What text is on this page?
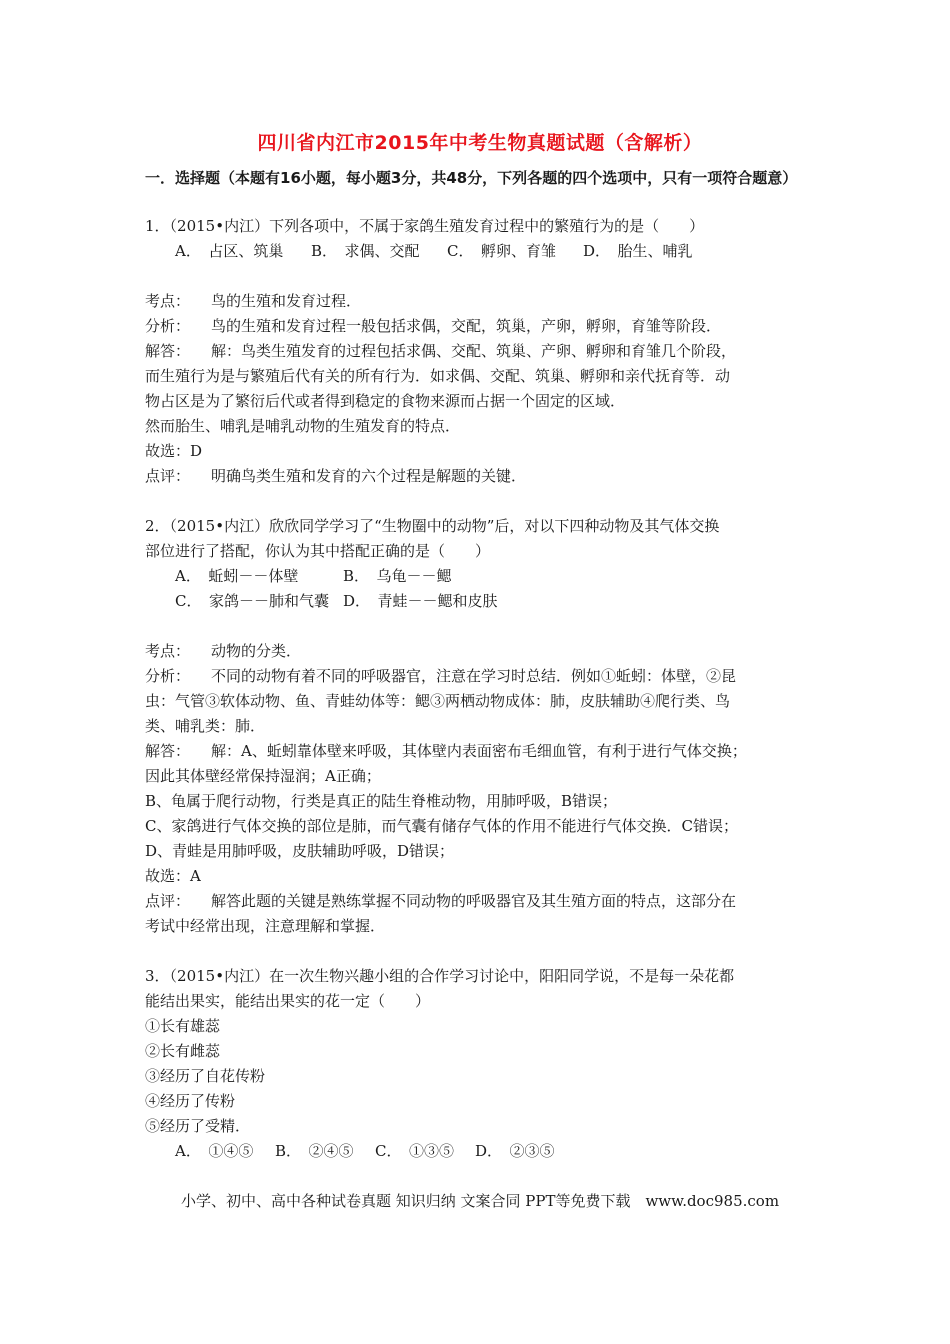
四川省内江市2015年中考生物真题试题（含解析）
一．选择题（本题有16小题，每小题3分，共48分，下列各题的四个选项中，只有一项符合题意）
1．（2015•内江）下列各项中，不属于家鸽生殖发育过程中的繁殖行为的是（　　）
A．　占区、筑巢 B．　求偶、交配 C．　孵卵、育雏 D．　胎生、哺乳
考点： 鸟的生殖和发育过程．
分析： 鸟的生殖和发育过程一般包括求偶，交配，筑巢，产卵，孵卵，育雏等阶段．
解答： 解：鸟类生殖发育的过程包括求偶、交配、筑巢、产卵、孵卵和育雏几个阶段，
而生殖行为是与繁殖后代有关的所有行为．如求偶、交配、筑巢、孵卵和亲代抚育等．动
物占区是为了繁衍后代或者得到稳定的食物来源而占据一个固定的区域．
然而胎生、哺乳是哺乳动物的生殖发育的特点．
故选：D
点评： 明确鸟类生殖和发育的六个过程是解题的关键．
2．（2015•内江）欣欣同学学习了“生物圈中的动物”后，对以下四种动物及其气体交换
部位进行了搭配，你认为其中搭配正确的是（　　）
A．　蚯蚓－－体壁	B．　乌龟－－鳃
C．　家鸽－－肺和气囊 D．　青蛙－－鳃和皮肤
考点： 动物的分类．
分析： 不同的动物有着不同的呼吸器官，注意在学习时总结．例如①蚯蚓：体壁，②昆
虫：气管③软体动物、鱼、青蛙幼体等：鳃③两栖动物成体：肺，皮肤辅助④爬行类、鸟
类、哺乳类：肺．
解答： 解：A、蚯蚓靠体壁来呼吸，其体壁内表面密布毛细血管，有利于进行气体交换；
因此其体壁经常保持湿润；A正确；
B、龟属于爬行动物，行类是真正的陆生脊椎动物，用肺呼吸，B错误；
C、家鸽进行气体交换的部位是肺，而气囊有储存气体的作用不能进行气体交换．C错误；
D、青蛙是用肺呼吸，皮肤辅助呼吸，D错误；
故选：A
点评： 解答此题的关键是熟练掌握不同动物的呼吸器官及其生殖方面的特点，这部分在
考试中经常出现，注意理解和掌握．
3．（2015•内江）在一次生物兴趣小组的合作学习讨论中，阳阳同学说，不是每一朵花都
能结出果实，能结出果实的花一定（　　）
①长有雄蕊
②长有雌蕊
③经历了自花传粉
④经历了传粉
⑤经历了受精．
A．　①④⑤ B．　②④⑤ C．　①③⑤ D．　②③⑤
小学、初中、高中各种试卷真题 知识归纳 文案合同 PPT等免费下载　www.doc985.com
